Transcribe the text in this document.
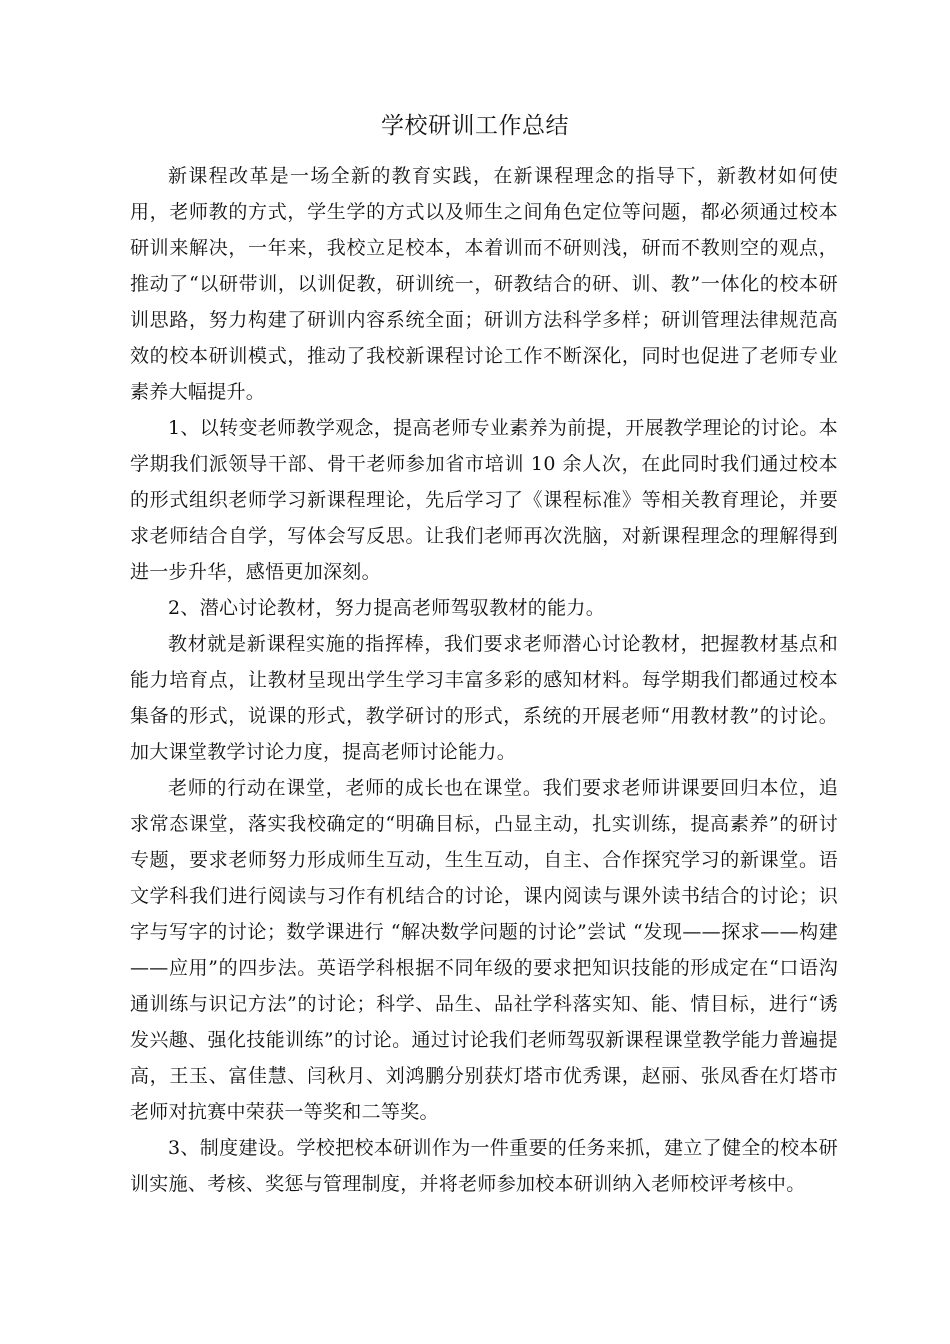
学校研训工作总结

新课程改革是一场全新的教育实践，在新课程理念的指导下，新教材如何使用，老师教的方式，学生学的方式以及师生之间角色定位等问题，都必须通过校本研训来解决，一年来，我校立足校本，本着训而不研则浅，研而不教则空的观点，推动了“以研带训，以训促教，研训统一，研教结合的研、训、教”一体化的校本研训思路，努力构建了研训内容系统全面；研训方法科学多样；研训管理法律规范高效的校本研训模式，推动了我校新课程讨论工作不断深化，同时也促进了老师专业素养大幅提升。

1、以转变老师教学观念，提高老师专业素养为前提，开展教学理论的讨论。本学期我们派领导干部、骨干老师参加省市培训 10 余人次，在此同时我们通过校本的形式组织老师学习新课程理论，先后学习了《课程标准》等相关教育理论，并要求老师结合自学，写体会写反思。让我们老师再次洗脑，对新课程理念的理解得到进一步升华，感悟更加深刻。

2、潜心讨论教材，努力提高老师驾驭教材的能力。

教材就是新课程实施的指挥棒，我们要求老师潜心讨论教材，把握教材基点和能力培育点，让教材呈现出学生学习丰富多彩的感知材料。每学期我们都通过校本集备的形式，说课的形式，教学研讨的形式，系统的开展老师“用教材教”的讨论。加大课堂教学讨论力度，提高老师讨论能力。

老师的行动在课堂，老师的成长也在课堂。我们要求老师讲课要回归本位，追求常态课堂，落实我校确定的“明确目标，凸显主动，扎实训练，提高素养”的研讨专题，要求老师努力形成师生互动，生生互动，自主、合作探究学习的新课堂。语文学科我们进行阅读与习作有机结合的讨论，课内阅读与课外读书结合的讨论；识字与写字的讨论；数学课进行 “解决数学问题的讨论”尝试 “发现——探求——构建——应用”的四步法。英语学科根据不同年级的要求把知识技能的形成定在“口语沟通训练与识记方法”的讨论；科学、品生、品社学科落实知、能、情目标，进行“诱发兴趣、强化技能训练”的讨论。通过讨论我们老师驾驭新课程课堂教学能力普遍提高，王玉、富佳慧、闫秋月、刘鸿鹏分别获灯塔市优秀课，赵丽、张凤香在灯塔市老师对抗赛中荣获一等奖和二等奖。

3、制度建设。学校把校本研训作为一件重要的任务来抓，建立了健全的校本研训实施、考核、奖惩与管理制度，并将老师参加校本研训纳入老师校评考核中。
